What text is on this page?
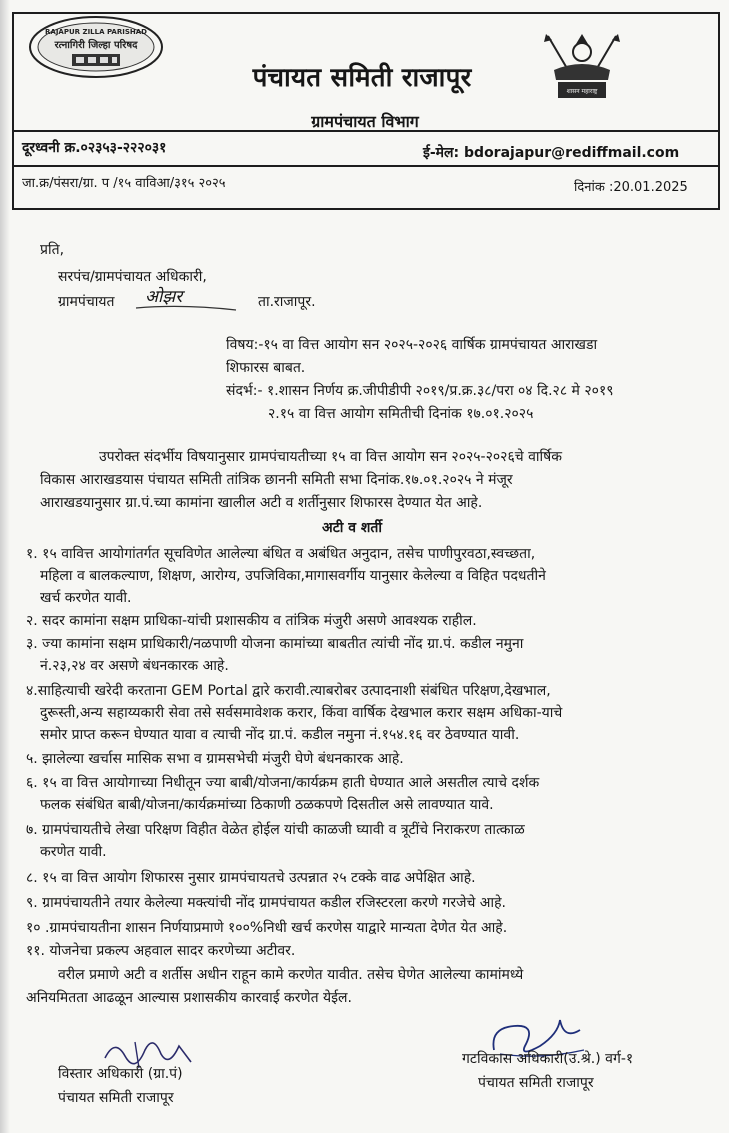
RAJAPUR ZILLA PARISHAD
रत्नागिरी जिल्हा परिषद
शासन महाराष्ट्र
पंचायत समिती राजापूर
ग्रामपंचायत विभाग
दूरध्वनी क्र.०२३५३-२२२०३१	ई-मेल: bdorajapur@rediffmail.com
जा.क्र/पंसरा/ग्रा. प /१५ वाविआ/३१५ २०२५	दिनांक :20.01.2025
प्रति,
सरपंच/ग्रामपंचायत अधिकारी,
ग्रामपंचायत ओझर	ता.राजापूर.
विषय:-१५ वा वित्त आयोग सन २०२५-२०२६ वार्षिक ग्रामपंचायत आराखडा
शिफारस बाबत.
संदर्भ:- १.शासन निर्णय क्र.जीपीडीपी २०१९/प्र.क्र.३८/परा ०४ दि.२८ मे २०१९
२.१५ वा वित्त आयोग समितीची दिनांक १७.०१.२०२५
उपरोक्त संदर्भीय विषयानुसार ग्रामपंचायतीच्या १५ वा वित्त आयोग सन २०२५-२०२६चे वार्षिक
विकास आराखडयास पंचायत समिती तांत्रिक छाननी समिती सभा दिनांक.१७.०१.२०२५ ने मंजूर
आराखडयानुसार ग्रा.पं.च्या कामांना खालील अटी व शर्तीनुसार शिफारस देण्यात येत आहे.
अटी व शर्ती
१. १५ वावित्त आयोगांतर्गत सूचविणेत आलेल्या बंधित व अबंधित अनुदान, तसेच पाणीपुरवठा,स्वच्छता,
महिला व बालकल्याण, शिक्षण, आरोग्य, उपजिविका,मागासवर्गीय यानुसार केलेल्या व विहित पदधतीने
खर्च करणेत यावी.
२. सदर कामांना सक्षम प्राधिका-यांची प्रशासकीय व तांत्रिक मंजुरी असणे आवश्यक राहील.
३. ज्या कामांना सक्षम प्राधिकारी/नळपाणी योजना कामांच्या बाबतीत त्यांची नोंद ग्रा.पं. कडील नमुना
नं.२३,२४ वर असणे बंधनकारक आहे.
४.साहित्याची खरेदी करताना GEM Portal द्वारे करावी.त्याबरोबर उत्पादनाशी संबंधित परिक्षण,देखभाल,
दुरूस्ती,अन्य सहाय्यकारी सेवा तसे सर्वसमावेशक करार, किंवा वार्षिक देखभाल करार सक्षम अधिका-याचे
समोर प्राप्त करून घेण्यात यावा व त्याची नोंद ग्रा.पं. कडील नमुना नं.१५४.१६ वर ठेवण्यात यावी.
५. झालेल्या खर्चास मासिक सभा व ग्रामसभेची मंजुरी घेणे बंधनकारक आहे.
६. १५ वा वित्त आयोगाच्या निधीतून ज्या बाबी/योजना/कार्यक्रम हाती घेण्यात आले असतील त्याचे दर्शक
फलक संबंधित बाबी/योजना/कार्यक्रमांच्या ठिकाणी ठळकपणे दिसतील असे लावण्यात यावे.
७. ग्रामपंचायतीचे लेखा परिक्षण विहीत वेळेत होईल यांची काळजी घ्यावी व त्रूटींचे निराकरण तात्काळ
करणेत यावी.
८. १५ वा वित्त आयोग शिफारस नुसार ग्रामपंचायतचे उत्पन्नात २५ टक्के वाढ अपेक्षित आहे.
९. ग्रामपंचायतीने तयार केलेल्या मक्त्यांची नोंद ग्रामपंचायत कडील रजिस्टरला करणे गरजेचे आहे.
१० .ग्रामपंचायतीना शासन निर्णयाप्रमाणे १००%निधी खर्च करणेस याद्वारे मान्यता देणेत येत आहे.
११. योजनेचा प्रकल्प अहवाल सादर करणेच्या अटीवर.
वरील प्रमाणे अटी व शर्तीस अधीन राहून कामे करणेत यावीत. तसेच घेणेत आलेल्या कामांमध्ये
अनियमितता आढळून आल्यास प्रशासकीय कारवाई करणेत येईल.
विस्तार अधिकारी (ग्रा.पं)
पंचायत समिती राजापूर
गटविकास अधिकारी(उ.श्रे.) वर्ग-१
पंचायत समिती राजापूर
